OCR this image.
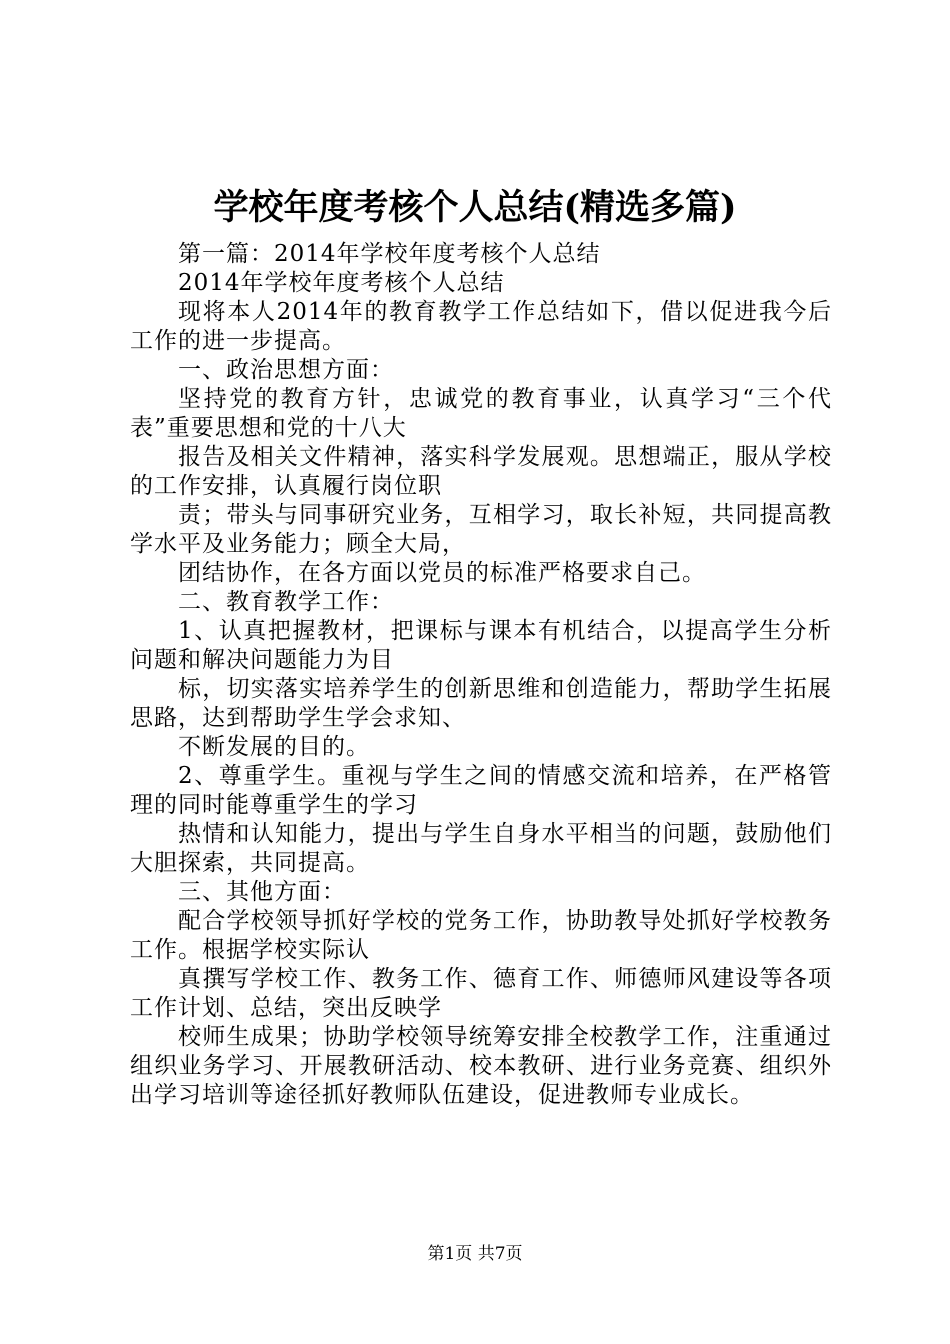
学校年度考核个人总结(精选多篇)

第一篇：2014年学校年度考核个人总结

2014年学校年度考核个人总结

现将本人2014年的教育教学工作总结如下，借以促进我今后工作的进一步提高。

一、政治思想方面：

坚持党的教育方针，忠诚党的教育事业，认真学习“三个代表”重要思想和党的十八大

报告及相关文件精神，落实科学发展观。思想端正，服从学校的工作安排，认真履行岗位职

责；带头与同事研究业务，互相学习，取长补短，共同提高教学水平及业务能力；顾全大局，

团结协作，在各方面以党员的标准严格要求自己。

二、教育教学工作：

1、认真把握教材，把课标与课本有机结合，以提高学生分析问题和解决问题能力为目

标，切实落实培养学生的创新思维和创造能力，帮助学生拓展思路，达到帮助学生学会求知、

不断发展的目的。

2、尊重学生。重视与学生之间的情感交流和培养，在严格管理的同时能尊重学生的学习

热情和认知能力，提出与学生自身水平相当的问题，鼓励他们大胆探索，共同提高。

三、其他方面：

配合学校领导抓好学校的党务工作，协助教导处抓好学校教务工作。根据学校实际认

真撰写学校工作、教务工作、德育工作、师德师风建设等各项工作计划、总结，突出反映学

校师生成果；协助学校领导统筹安排全校教学工作，注重通过组织业务学习、开展教研活动、校本教研、进行业务竞赛、组织外出学习培训等途径抓好教师队伍建设，促进教师专业成长。

第1页 共7页
